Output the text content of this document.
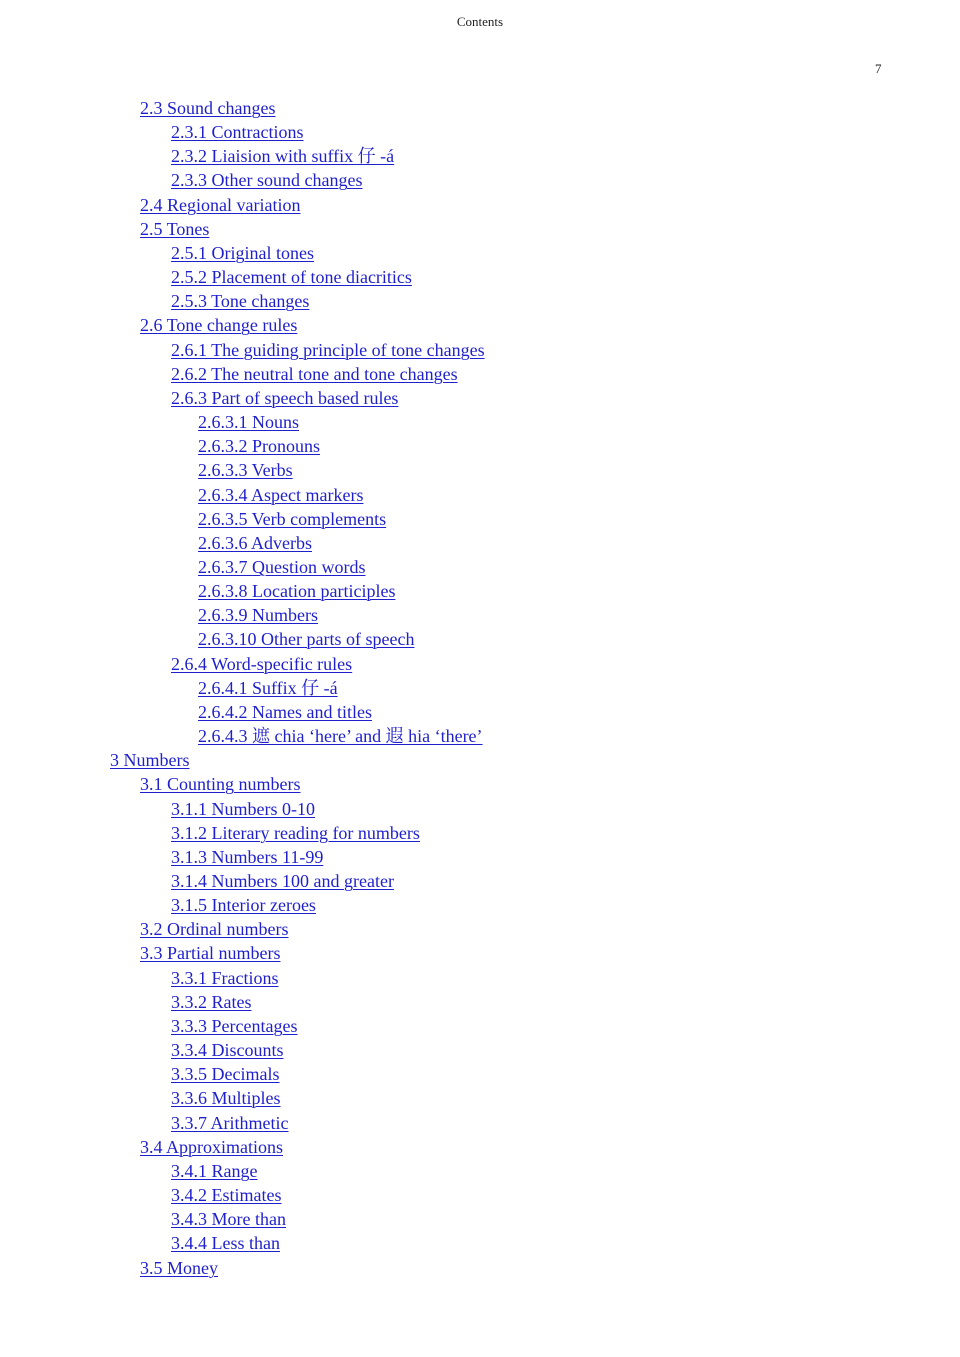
Contents
7
2.3 Sound changes
2.3.1 Contractions
2.3.2 Liaision with suffix 仔 -á
2.3.3 Other sound changes
2.4 Regional variation
2.5 Tones
2.5.1 Original tones
2.5.2 Placement of tone diacritics
2.5.3 Tone changes
2.6 Tone change rules
2.6.1 The guiding principle of tone changes
2.6.2 The neutral tone and tone changes
2.6.3 Part of speech based rules
2.6.3.1 Nouns
2.6.3.2 Pronouns
2.6.3.3 Verbs
2.6.3.4 Aspect markers
2.6.3.5 Verb complements
2.6.3.6 Adverbs
2.6.3.7 Question words
2.6.3.8 Location participles
2.6.3.9 Numbers
2.6.3.10 Other parts of speech
2.6.4 Word-specific rules
2.6.4.1 Suffix 仔 -á
2.6.4.2 Names and titles
2.6.4.3 遮 chia ‘here’ and 遐 hia ‘there’
3 Numbers
3.1 Counting numbers
3.1.1 Numbers 0-10
3.1.2 Literary reading for numbers
3.1.3 Numbers 11-99
3.1.4 Numbers 100 and greater
3.1.5 Interior zeroes
3.2 Ordinal numbers
3.3 Partial numbers
3.3.1 Fractions
3.3.2 Rates
3.3.3 Percentages
3.3.4 Discounts
3.3.5 Decimals
3.3.6 Multiples
3.3.7 Arithmetic
3.4 Approximations
3.4.1 Range
3.4.2 Estimates
3.4.3 More than
3.4.4 Less than
3.5 Money
